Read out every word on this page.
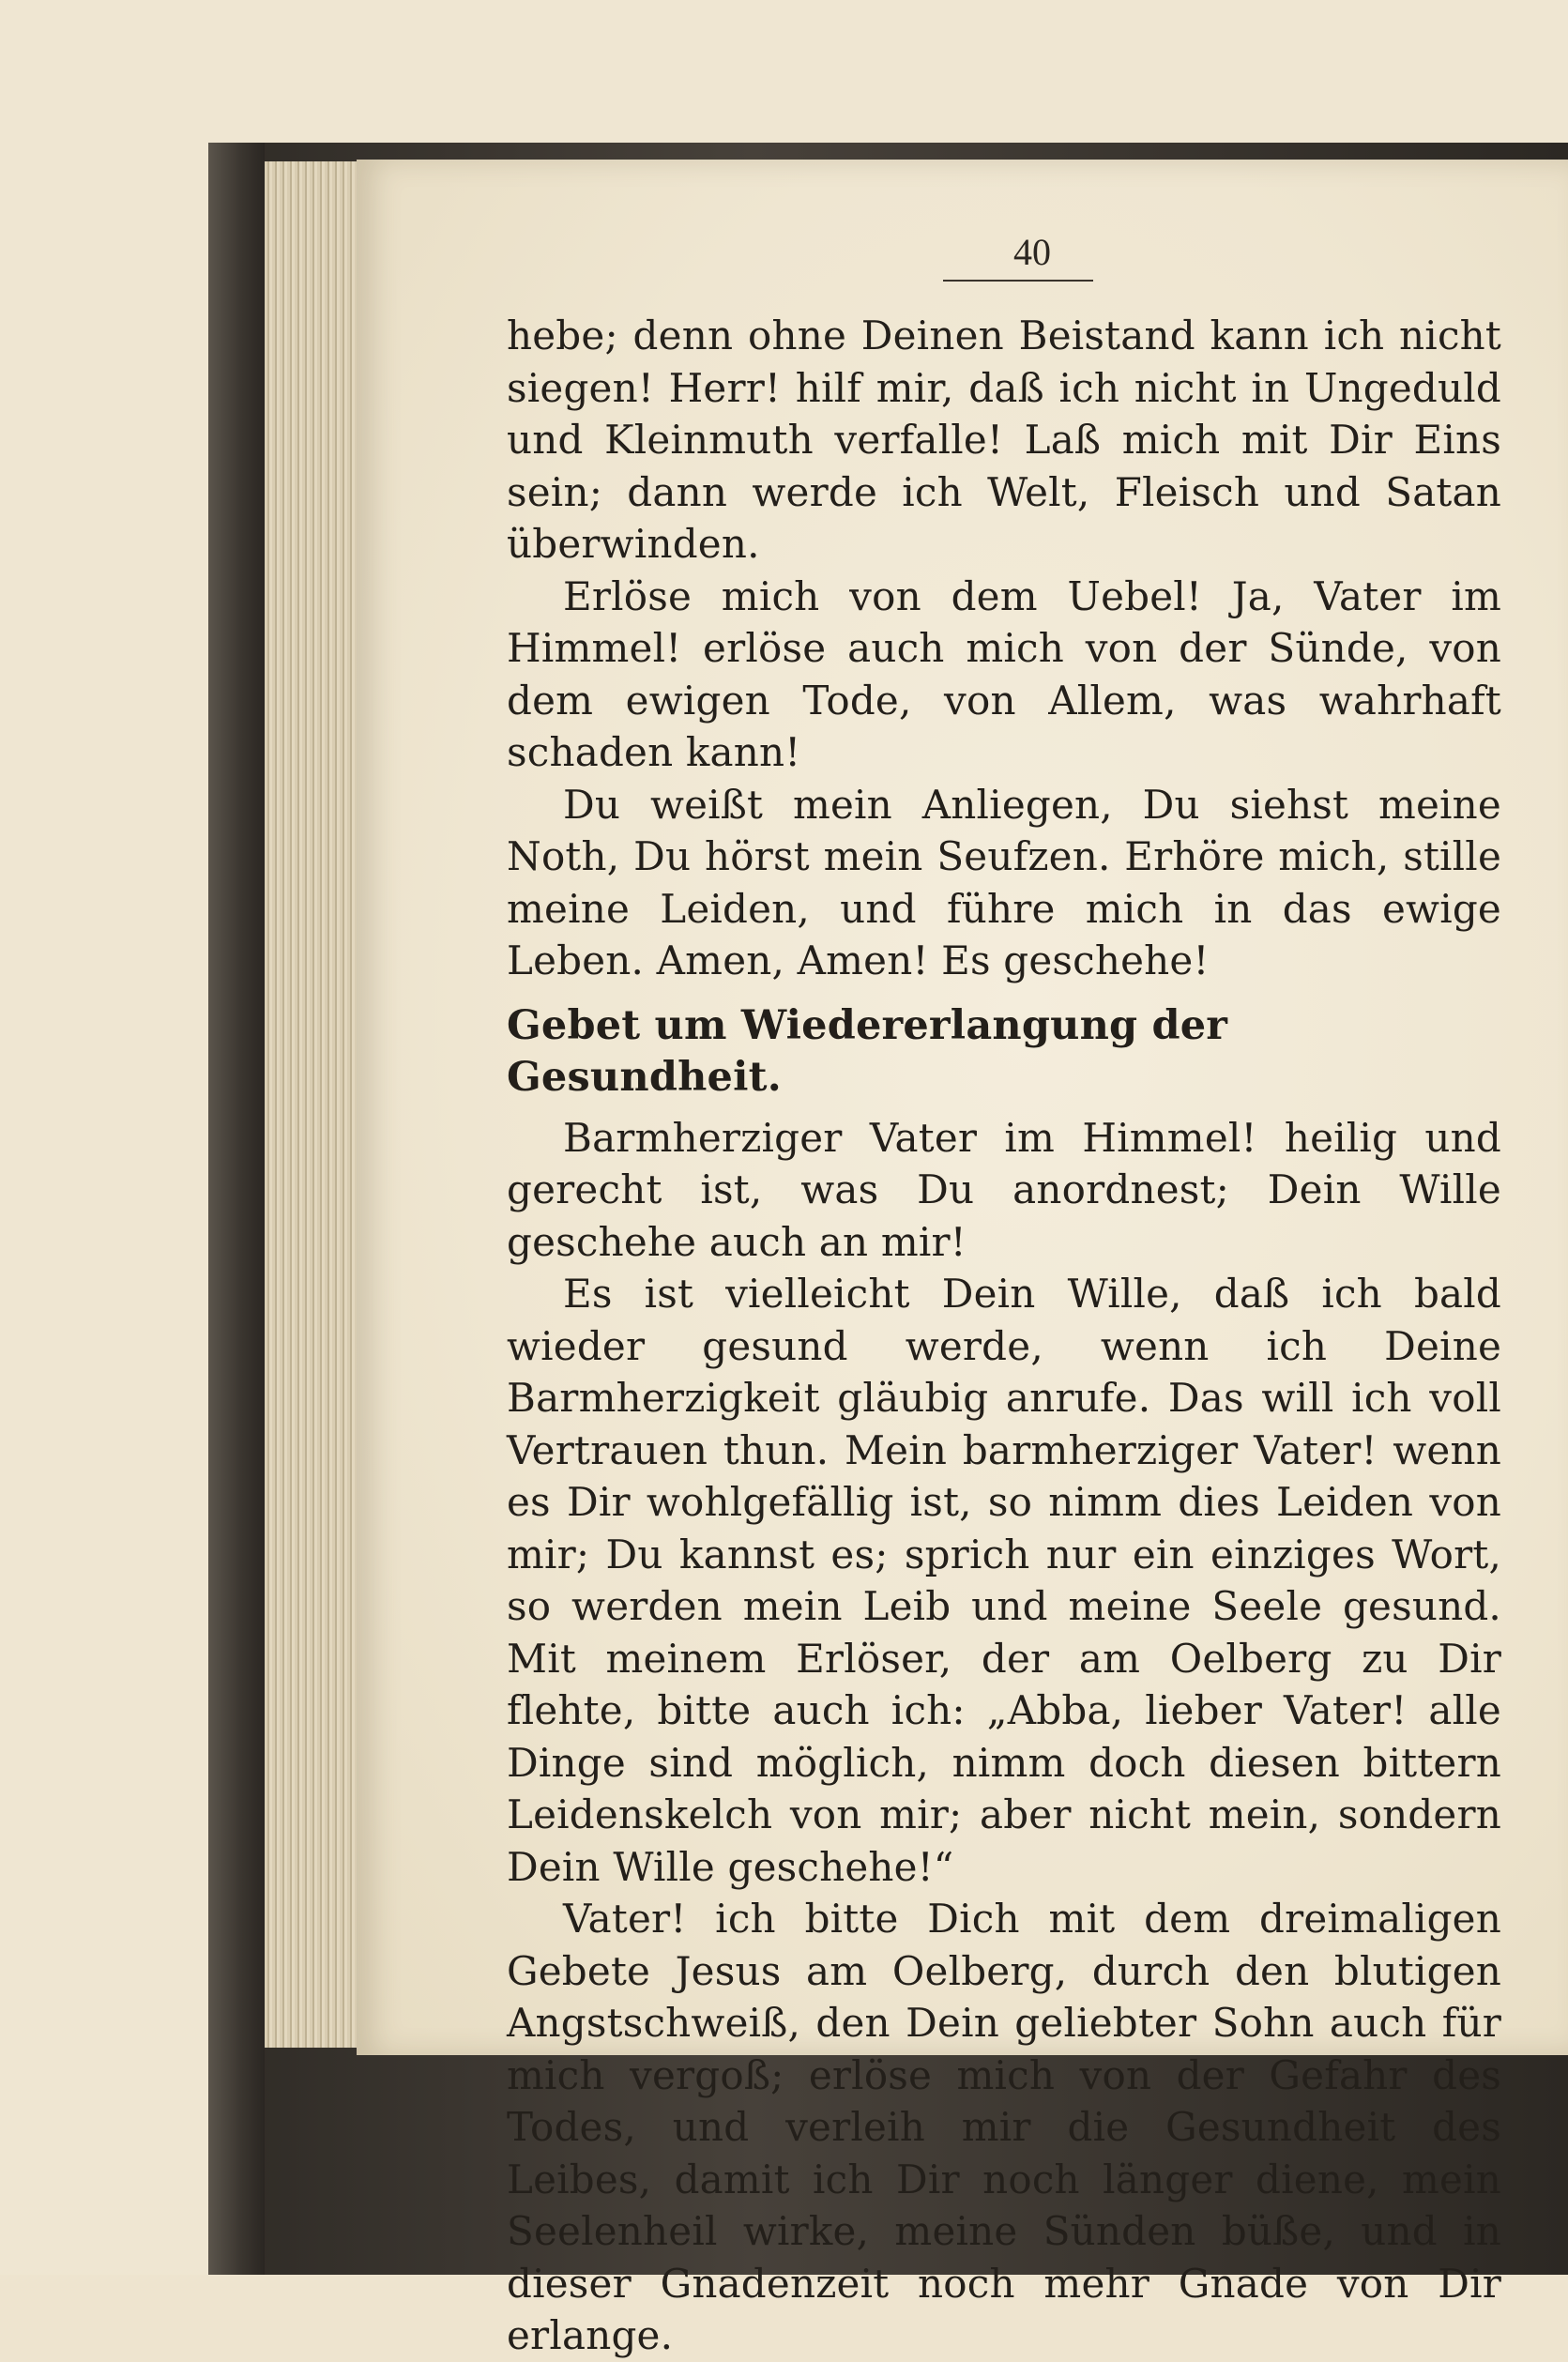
40

hebe; denn ohne Deinen Beistand kann ich nicht siegen! Herr! hilf mir, daß ich nicht in Ungeduld und Kleinmuth verfalle! Laß mich mit Dir Eins sein; dann werde ich Welt, Fleisch und Satan überwinden.

Erlöse mich von dem Uebel! Ja, Vater im Himmel! erlöse auch mich von der Sünde, von dem ewigen Tode, von Allem, was wahrhaft schaden kann!

Du weißt mein Anliegen, Du siehst meine Noth, Du hörst mein Seufzen. Erhöre mich, stille meine Leiden, und führe mich in das ewige Leben. Amen, Amen! Es geschehe!

Gebet um Wiedererlangung der Gesundheit.

Barmherziger Vater im Himmel! heilig und gerecht ist, was Du anordnest; Dein Wille geschehe auch an mir!

Es ist vielleicht Dein Wille, daß ich bald wieder gesund werde, wenn ich Deine Barmherzigkeit gläubig anrufe. Das will ich voll Vertrauen thun. Mein barmherziger Vater! wenn es Dir wohlgefällig ist, so nimm dies Leiden von mir; Du kannst es; sprich nur ein einziges Wort, so werden mein Leib und meine Seele gesund. Mit meinem Erlöser, der am Oelberg zu Dir flehte, bitte auch ich: „Abba, lieber Vater! alle Dinge sind möglich, nimm doch diesen bittern Leidenskelch von mir; aber nicht mein, sondern Dein Wille geschehe!“

Vater! ich bitte Dich mit dem dreimaligen Gebete Jesus am Oelberg, durch den blutigen Angstschweiß, den Dein geliebter Sohn auch für mich vergoß; erlöse mich von der Gefahr des Todes, und verleih mir die Gesundheit des Leibes, damit ich Dir noch länger diene, mein Seelenheil wirke, meine Sünden büße, und in dieser Gnadenzeit noch mehr Gnade von Dir erlange.
